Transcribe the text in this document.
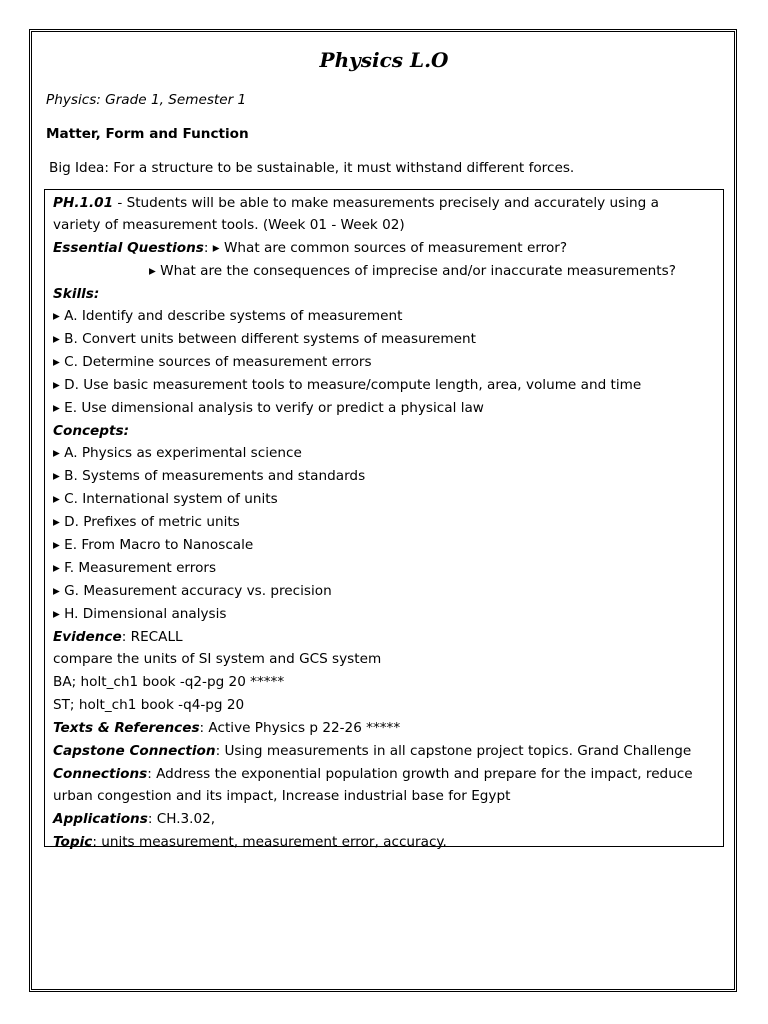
Physics L.O
Physics: Grade 1, Semester 1
Matter, Form and Function
Big Idea: For a structure to be sustainable, it must withstand different forces.
PH.1.01 - Students will be able to make measurements precisely and accurately using a
variety of measurement tools. (Week 01 - Week 02)
Essential Questions: ▸ What are common sources of measurement error?
▸ What are the consequences of imprecise and/or inaccurate measurements?
Skills:
▸ A. Identify and describe systems of measurement
▸ B. Convert units between different systems of measurement
▸ C. Determine sources of measurement errors
▸ D. Use basic measurement tools to measure/compute length, area, volume and time
▸ E. Use dimensional analysis to verify or predict a physical law
Concepts:
▸ A. Physics as experimental science
▸ B. Systems of measurements and standards
▸ C. International system of units
▸ D. Prefixes of metric units
▸ E. From Macro to Nanoscale
▸ F. Measurement errors
▸ G. Measurement accuracy vs. precision
▸ H. Dimensional analysis
Evidence: RECALL
compare the units of SI system and GCS system
BA; holt_ch1 book -q2-pg 20 *****
ST; holt_ch1 book -q4-pg 20
Texts & References: Active Physics p 22-26 *****
Capstone Connection: Using measurements in all capstone project topics. Grand Challenge
Connections: Address the exponential population growth and prepare for the impact, reduce
urban congestion and its impact, Increase industrial base for Egypt
Applications: CH.3.02,
Topic: units measurement, measurement error, accuracy.
